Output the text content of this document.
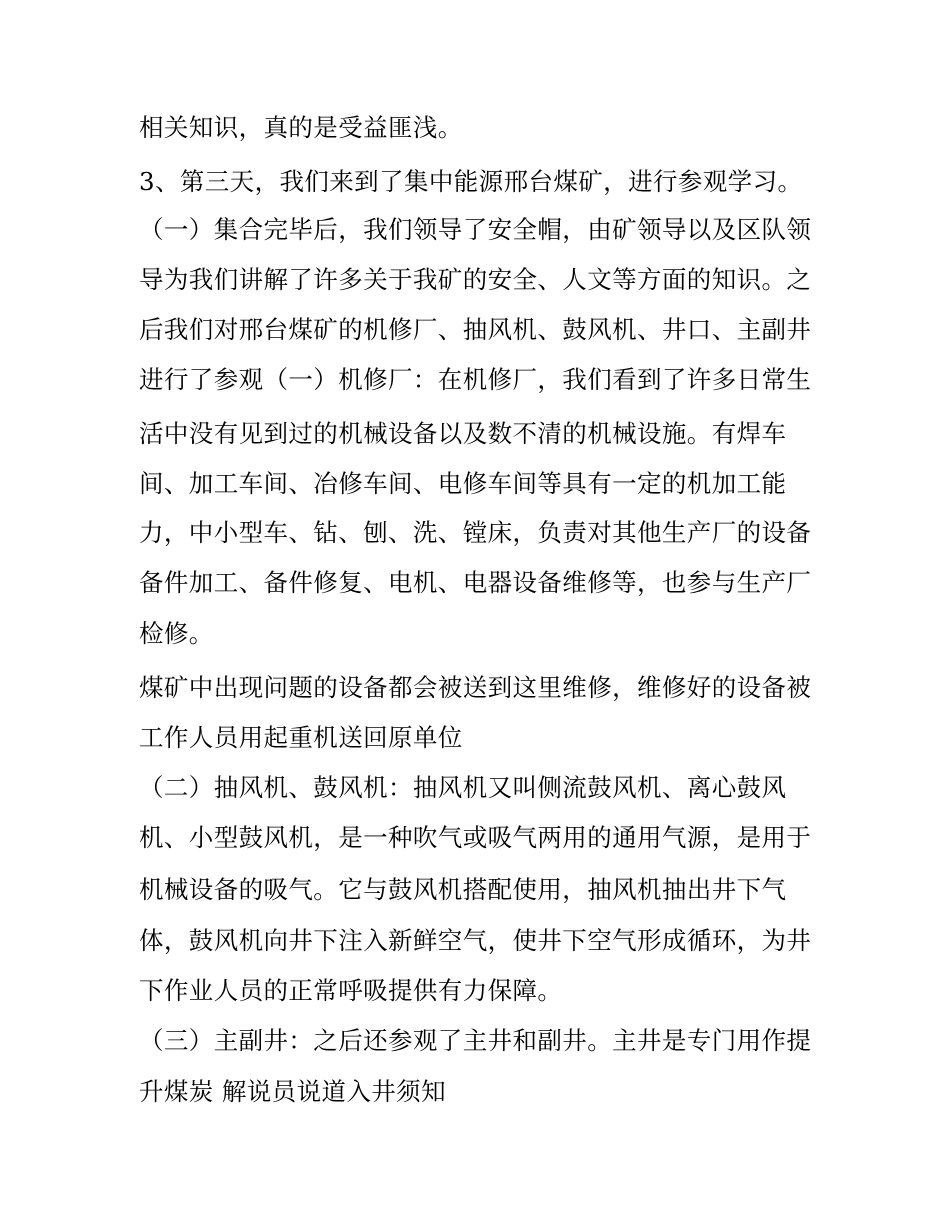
相关知识，真的是受益匪浅。
3、第三天，我们来到了集中能源邢台煤矿，进行参观学习。
（一）集合完毕后，我们领导了安全帽，由矿领导以及区队领
导为我们讲解了许多关于我矿的安全、人文等方面的知识。之
后我们对邢台煤矿的机修厂、抽风机、鼓风机、井口、主副井
进行了参观（一）机修厂：在机修厂，我们看到了许多日常生
活中没有见到过的机械设备以及数不清的机械设施。有焊车
间、加工车间、冶修车间、电修车间等具有一定的机加工能
力，中小型车、钻、刨、洗、镗床，负责对其他生产厂的设备
备件加工、备件修复、电机、电器设备维修等，也参与生产厂
检修。
煤矿中出现问题的设备都会被送到这里维修，维修好的设备被
工作人员用起重机送回原单位
（二）抽风机、鼓风机：抽风机又叫侧流鼓风机、离心鼓风
机、小型鼓风机，是一种吹气或吸气两用的通用气源，是用于
机械设备的吸气。它与鼓风机搭配使用，抽风机抽出井下气
体，鼓风机向井下注入新鲜空气，使井下空气形成循环，为井
下作业人员的正常呼吸提供有力保障。
（三）主副井：之后还参观了主井和副井。主井是专门用作提
升煤炭 解说员说道入井须知
